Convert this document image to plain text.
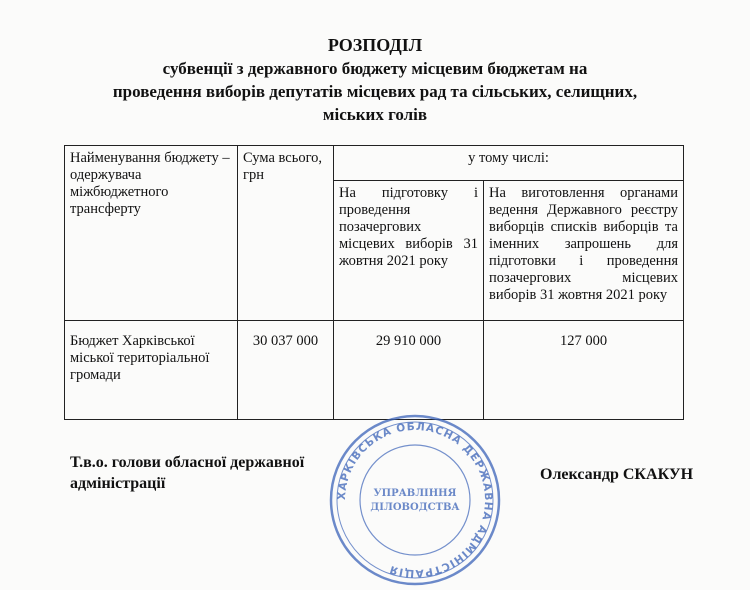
РОЗПОДІЛ
субвенції з державного бюджету місцевим бюджетам на
проведення виборів депутатів місцевих рад та сільських, селищних,
міських голів
Найменування бюджету – одержувача міжбюджетного трансферту	Сума всього, грн	у тому числі:	
		На підготовку і проведення позачергових місцевих виборів 31 жовтня 2021 року	На виготовлення органами ведення Державного реєстру виборців списків виборців та іменних запрошень для підготовки і проведення позачергових місцевих виборів 31 жовтня 2021 року
Бюджет Харківської міської територіальної громади	30 037 000	29 910 000	127 000
ХАРКІВСЬКА ОБЛАСНА ДЕРЖАВНА АДМІНІСТРАЦІЯ
УПРАВЛІННЯ
ДІЛОВОДСТВА
Т.в.о. голови обласної державної
адміністрації
Олександр СКАКУН
